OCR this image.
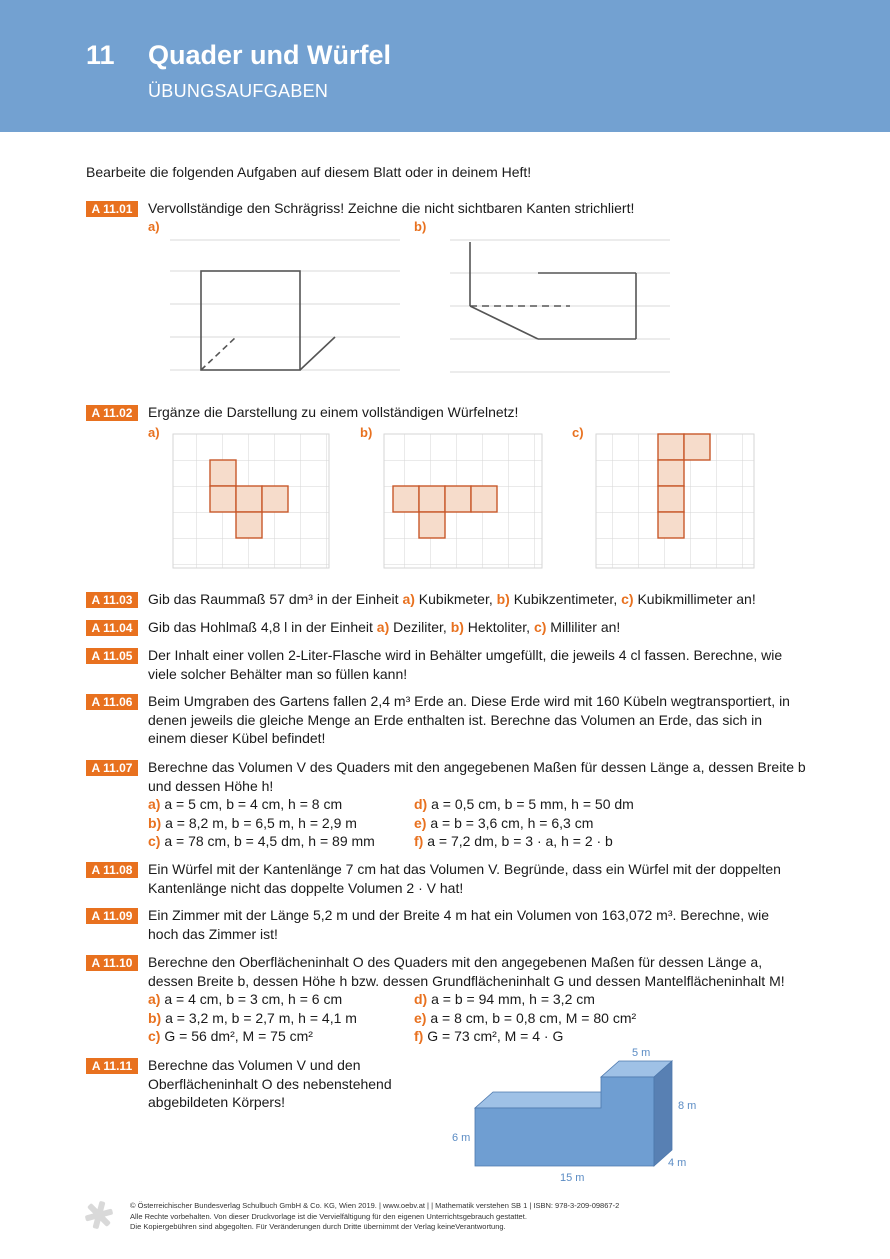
11 Quader und Würfel
ÜBUNGSAUFGABEN
Bearbeite die folgenden Aufgaben auf diesem Blatt oder in deinem Heft!
A 11.01	Vervollständige den Schrägriss! Zeichne die nicht sichtbaren Kanten strichliert!
a)	b)
A 11.02	Ergänze die Darstellung zu einem vollständigen Würfelnetz!
a)	b)	c)
A 11.03	Gib das Raummaß 57 dm³ in der Einheit a) Kubikmeter, b) Kubikzentimeter, c) Kubikmillimeter an!
A 11.04	Gib das Hohlmaß 4,8 l in der Einheit a) Deziliter, b) Hektoliter, c) Milliliter an!
A 11.05	Der Inhalt einer vollen 2-Liter-Flasche wird in Behälter umgefüllt, die jeweils 4 cl fassen. Berechne, wie
viele solcher Behälter man so füllen kann!
A 11.06	Beim Umgraben des Gartens fallen 2,4 m³ Erde an. Diese Erde wird mit 160 Kübeln wegtransportiert, in
denen jeweils die gleiche Menge an Erde enthalten ist. Berechne das Volumen an Erde, das sich in
einem dieser Kübel befindet!
A 11.07	Berechne das Volumen V des Quaders mit den angegebenen Maßen für dessen Länge a, dessen Breite b
und dessen Höhe h!
a) a = 5 cm, b = 4 cm, h = 8 cm
b) a = 8,2 m, b = 6,5 m, h = 2,9 m
c) a = 78 cm, b = 4,5 dm, h = 89 mm
d) a = 0,5 cm, b = 5 mm, h = 50 dm
e) a = b = 3,6 cm, h = 6,3 cm
f) a = 7,2 dm, b = 3 · a, h = 2 · b
A 11.08	Ein Würfel mit der Kantenlänge 7 cm hat das Volumen V. Begründe, dass ein Würfel mit der doppelten
Kantenlänge nicht das doppelte Volumen 2 · V hat!
A 11.09	Ein Zimmer mit der Länge 5,2 m und der Breite 4 m hat ein Volumen von 163,072 m³. Berechne, wie
hoch das Zimmer ist!
A 11.10	Berechne den Oberflächeninhalt O des Quaders mit den angegebenen Maßen für dessen Länge a,
dessen Breite b, dessen Höhe h bzw. dessen Grundflächeninhalt G und dessen Mantelflächeninhalt M!
a) a = 4 cm, b = 3 cm, h = 6 cm
b) a = 3,2 m, b = 2,7 m, h = 4,1 m
c) G = 56 dm², M = 75 cm²
d) a = b = 94 mm, h = 3,2 cm
e) a = 8 cm, b = 0,8 cm, M = 80 cm²
f) G = 73 cm², M = 4 · G
A 11.11	Berechne das Volumen V und den
Oberflächeninhalt O des nebenstehend
abgebildeten Körpers!
5 m
8 m
6 m
4 m
15 m
© Österreichischer Bundesverlag Schulbuch GmbH & Co. KG, Wien 2019. | www.oebv.at | | Mathematik verstehen SB 1 | ISBN: 978-3-209-09867-2
Alle Rechte vorbehalten. Von dieser Druckvorlage ist die Vervielfältigung für den eigenen Unterrichtsgebrauch gestattet.
Die Kopiergebühren sind abgegolten. Für Veränderungen durch Dritte übernimmt der Verlag keineVerantwortung.
